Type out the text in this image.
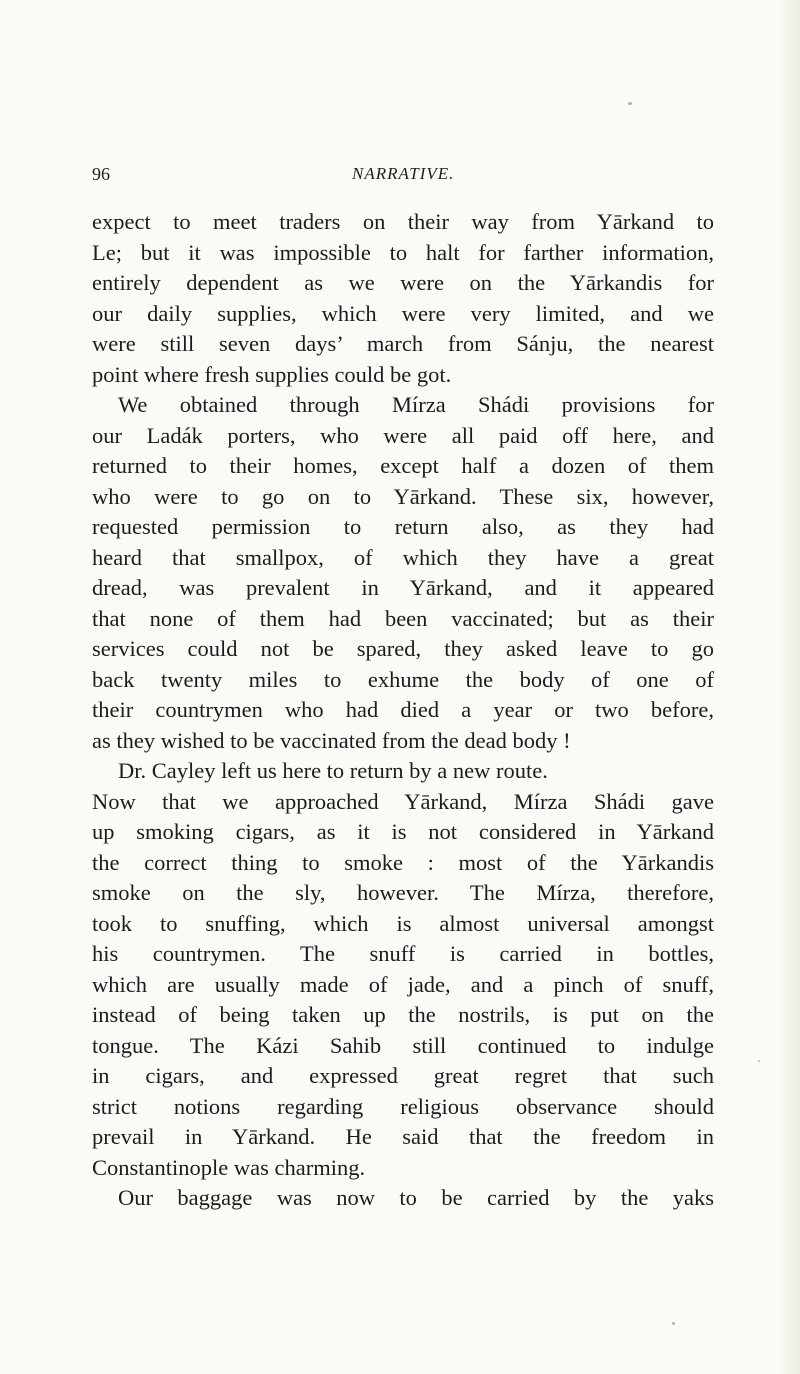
96	NARRATIVE.
expect to meet traders on their way from Yārkand to
Le; but it was impossible to halt for farther information,
entirely dependent as we were on the Yārkandis for
our daily supplies, which were very limited, and we
were still seven days’ march from Sánju, the nearest
point where fresh supplies could be got.
We obtained through Mírza Shádi provisions for
our Ladák porters, who were all paid off here, and
returned to their homes, except half a dozen of them
who were to go on to Yārkand. These six, however,
requested permission to return also, as they had
heard that smallpox, of which they have a great
dread, was prevalent in Yārkand, and it appeared
that none of them had been vaccinated; but as their
services could not be spared, they asked leave to go
back twenty miles to exhume the body of one of
their countrymen who had died a year or two before,
as they wished to be vaccinated from the dead body !
Dr. Cayley left us here to return by a new route.
Now that we approached Yārkand, Mírza Shádi gave
up smoking cigars, as it is not considered in Yārkand
the correct thing to smoke : most of the Yārkandis
smoke on the sly, however. The Mírza, therefore,
took to snuffing, which is almost universal amongst
his countrymen. The snuff is carried in bottles,
which are usually made of jade, and a pinch of snuff,
instead of being taken up the nostrils, is put on the
tongue. The Kázi Sahib still continued to indulge
in cigars, and expressed great regret that such
strict notions regarding religious observance should
prevail in Yārkand. He said that the freedom in
Constantinople was charming.
Our baggage was now to be carried by the yaks
